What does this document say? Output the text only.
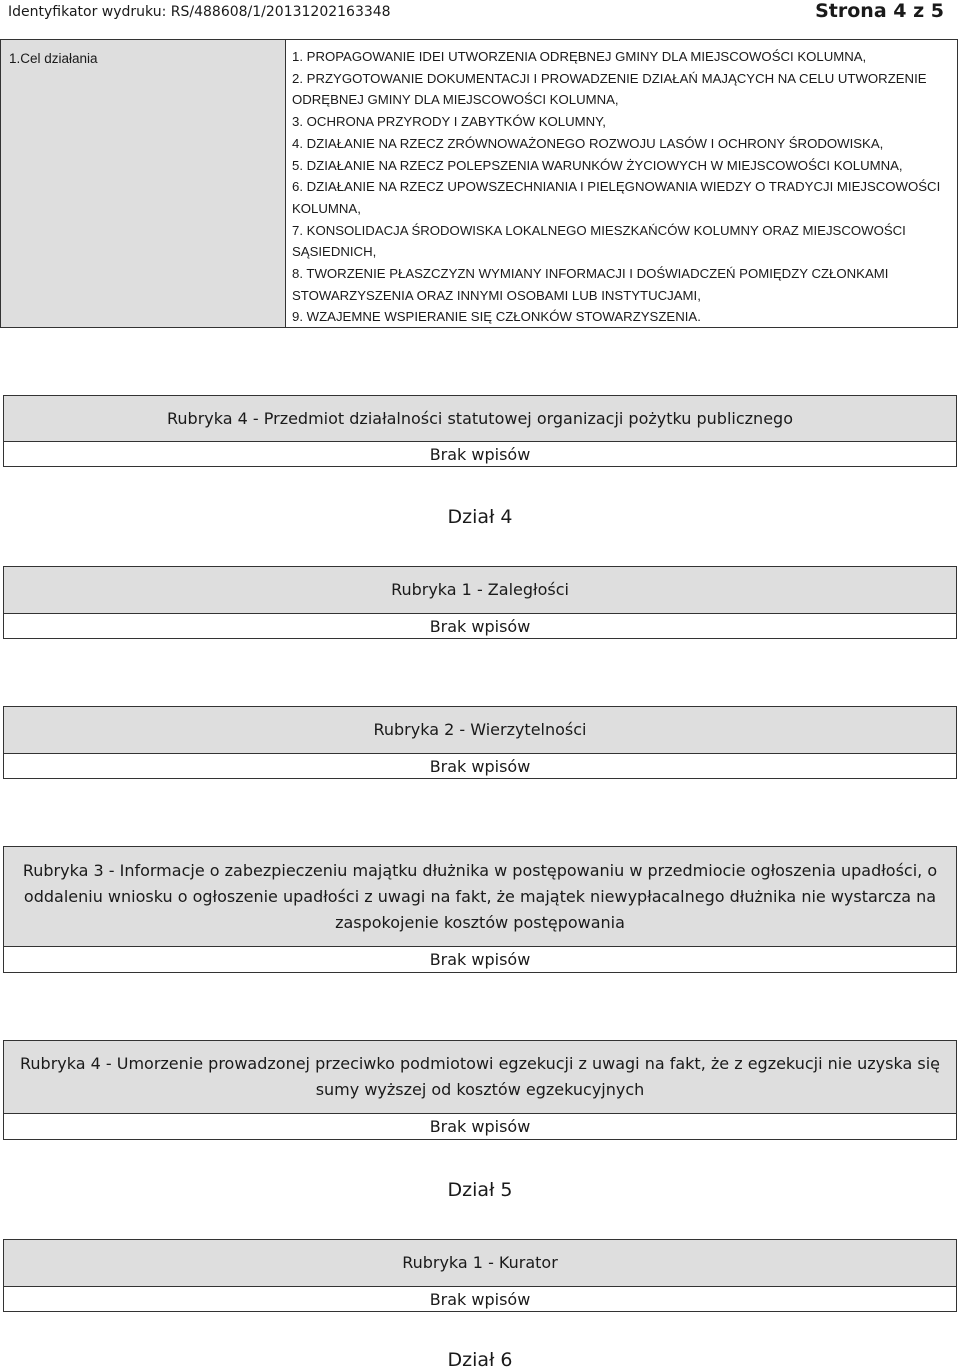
Identyfikator wydruku: RS/488608/1/20131202163348	Strona 4 z 5
1.Cel działania	1. PROPAGOWANIE IDEI UTWORZENIA ODRĘBNEJ GMINY DLA MIEJSCOWOŚCI KOLUMNA,
2. PRZYGOTOWANIE DOKUMENTACJI I PROWADZENIE DZIAŁAŃ MAJĄCYCH NA CELU UTWORZENIE ODRĘBNEJ GMINY DLA MIEJSCOWOŚCI KOLUMNA,
3. OCHRONA PRZYRODY I ZABYTKÓW KOLUMNY,
4. DZIAŁANIE NA RZECZ ZRÓWNOWAŻONEGO ROZWOJU LASÓW I OCHRONY ŚRODOWISKA,
5. DZIAŁANIE NA RZECZ POLEPSZENIA WARUNKÓW ŻYCIOWYCH W MIEJSCOWOŚCI KOLUMNA,
6. DZIAŁANIE NA RZECZ UPOWSZECHNIANIA I PIELĘGNOWANIA WIEDZY O TRADYCJI MIEJSCOWOŚCI KOLUMNA,
7. KONSOLIDACJA ŚRODOWISKA LOKALNEGO MIESZKAŃCÓW KOLUMNY ORAZ MIEJSCOWOŚCI SĄSIEDNICH,
8. TWORZENIE PŁASZCZYZN WYMIANY INFORMACJI I DOŚWIADCZEŃ POMIĘDZY CZŁONKAMI STOWARZYSZENIA ORAZ INNYMI OSOBAMI LUB INSTYTUCJAMI,
9. WZAJEMNE WSPIERANIE SIĘ CZŁONKÓW STOWARZYSZENIA.
Rubryka 4 - Przedmiot działalności statutowej organizacji pożytku publicznego
Brak wpisów
Dział 4
Rubryka 1 - Zaległości
Brak wpisów
Rubryka 2 - Wierzytelności
Brak wpisów
Rubryka 3 - Informacje o zabezpieczeniu majątku dłużnika w postępowaniu w przedmiocie ogłoszenia upadłości, o oddaleniu wniosku o ogłoszenie upadłości z uwagi na fakt, że majątek niewypłacalnego dłużnika nie wystarcza na zaspokojenie kosztów postępowania
Brak wpisów
Rubryka 4 - Umorzenie prowadzonej przeciwko podmiotowi egzekucji z uwagi na fakt, że z egzekucji nie uzyska się sumy wyższej od kosztów egzekucyjnych
Brak wpisów
Dział 5
Rubryka 1 - Kurator
Brak wpisów
Dział 6
